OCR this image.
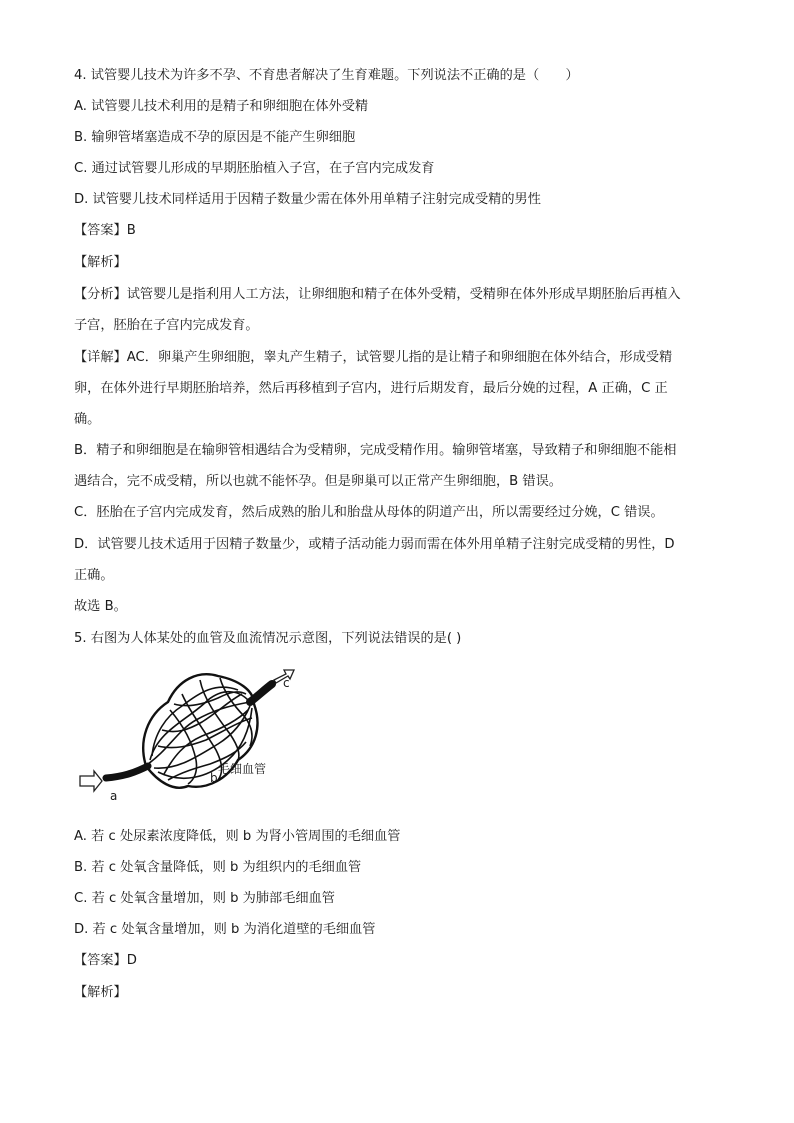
4. 试管婴儿技术为许多不孕、不育患者解决了生育难题。下列说法不正确的是（　　）
A. 试管婴儿技术利用的是精子和卵细胞在体外受精
B. 输卵管堵塞造成不孕的原因是不能产生卵细胞
C. 通过试管婴儿形成的早期胚胎植入子宫，在子宫内完成发育
D. 试管婴儿技术同样适用于因精子数量少需在体外用单精子注射完成受精的男性
【答案】B
【解析】
【分析】试管婴儿是指利用人工方法，让卵细胞和精子在体外受精，受精卵在体外形成早期胚胎后再植入
子宫，胚胎在子宫内完成发育。
【详解】AC．卵巢产生卵细胞，睾丸产生精子，试管婴儿指的是让精子和卵细胞在体外结合，形成受精
卵，在体外进行早期胚胎培养，然后再移植到子宫内，进行后期发育，最后分娩的过程，A 正确，C 正
确。
B．精子和卵细胞是在输卵管相遇结合为受精卵，完成受精作用。输卵管堵塞，导致精子和卵细胞不能相
遇结合，完不成受精，所以也就不能怀孕。但是卵巢可以正常产生卵细胞，B 错误。
C．胚胎在子宫内完成发育，然后成熟的胎儿和胎盘从母体的阴道产出，所以需要经过分娩，C 错误。
D．试管婴儿技术适用于因精子数量少，或精子活动能力弱而需在体外用单精子注射完成受精的男性，D
正确。
故选 B。
5. 右图为人体某处的血管及血流情况示意图，下列说法错误的是( )
a
b
c
毛细血管
A. 若 c 处尿素浓度降低，则 b 为肾小管周围的毛细血管
B. 若 c 处氧含量降低，则 b 为组织内的毛细血管
C. 若 c 处氧含量增加，则 b 为肺部毛细血管
D. 若 c 处氧含量增加，则 b 为消化道壁的毛细血管
【答案】D
【解析】
